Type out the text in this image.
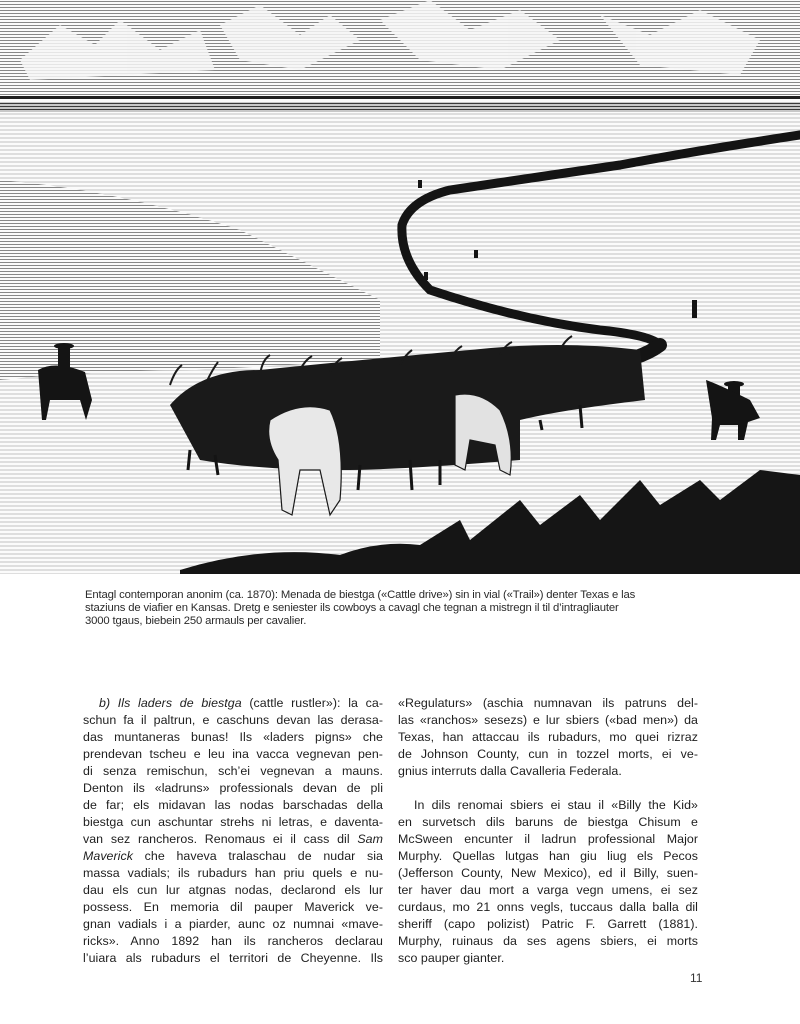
Entagl contemporan anonim (ca. 1870): Menada de biestga («Cattle drive») sin in vial («Trail») denter Texas e las
staziuns de viafier en Kansas. Dretg e seniester ils cowboys a cavagl che tegnan a mistregn il til d’intragliauter
3000 tgaus, biebein 250 armauls per cavalier.
b) Ils laders de biestga (cattle rustler»): la ca-
schun fa il paltrun, e caschuns devan las derasa-
das muntaneras bunas! Ils «laders pigns» che
prendevan tscheu e leu ina vacca vegnevan pen-
di senza remischun, sch’ei vegnevan a mauns.
Denton ils «ladruns» professionals devan de pli
de far; els midavan las nodas barschadas della
biestga cun aschuntar strehs ni letras, e daventa-
van sez rancheros. Renomaus ei il cass dil Sam
Maverick che haveva tralaschau de nudar sia
massa vadials; ils rubadurs han priu quels e nu-
dau els cun lur atgnas nodas, declarond els lur
possess. En memoria dil pauper Maverick ve-
gnan vadials i a piarder, aunc oz numnai «mave-
ricks». Anno 1892 han ils rancheros declarau
l’uiara als rubadurs el territori de Cheyenne. Ils
«Regulaturs» (aschia numnavan ils patruns del-
las «ranchos» sesezs) e lur sbiers («bad men») da
Texas, han attaccau ils rubadurs, mo quei rizraz
de Johnson County, cun in tozzel morts, ei ve-
gnius interruts dalla Cavalleria Federala.
In dils renomai sbiers ei stau il «Billy the Kid»
en survetsch dils baruns de biestga Chisum e
McSween encunter il ladrun professional Major
Murphy. Quellas lutgas han giu liug els Pecos
(Jefferson County, New Mexico), ed il Billy, suen-
ter haver dau mort a varga vegn umens, ei sez
curdaus, mo 21 onns vegls, tuccaus dalla balla dil
sheriff (capo polizist) Patric F. Garrett (1881).
Murphy, ruinaus da ses agens sbiers, ei morts
sco pauper gianter.
11
